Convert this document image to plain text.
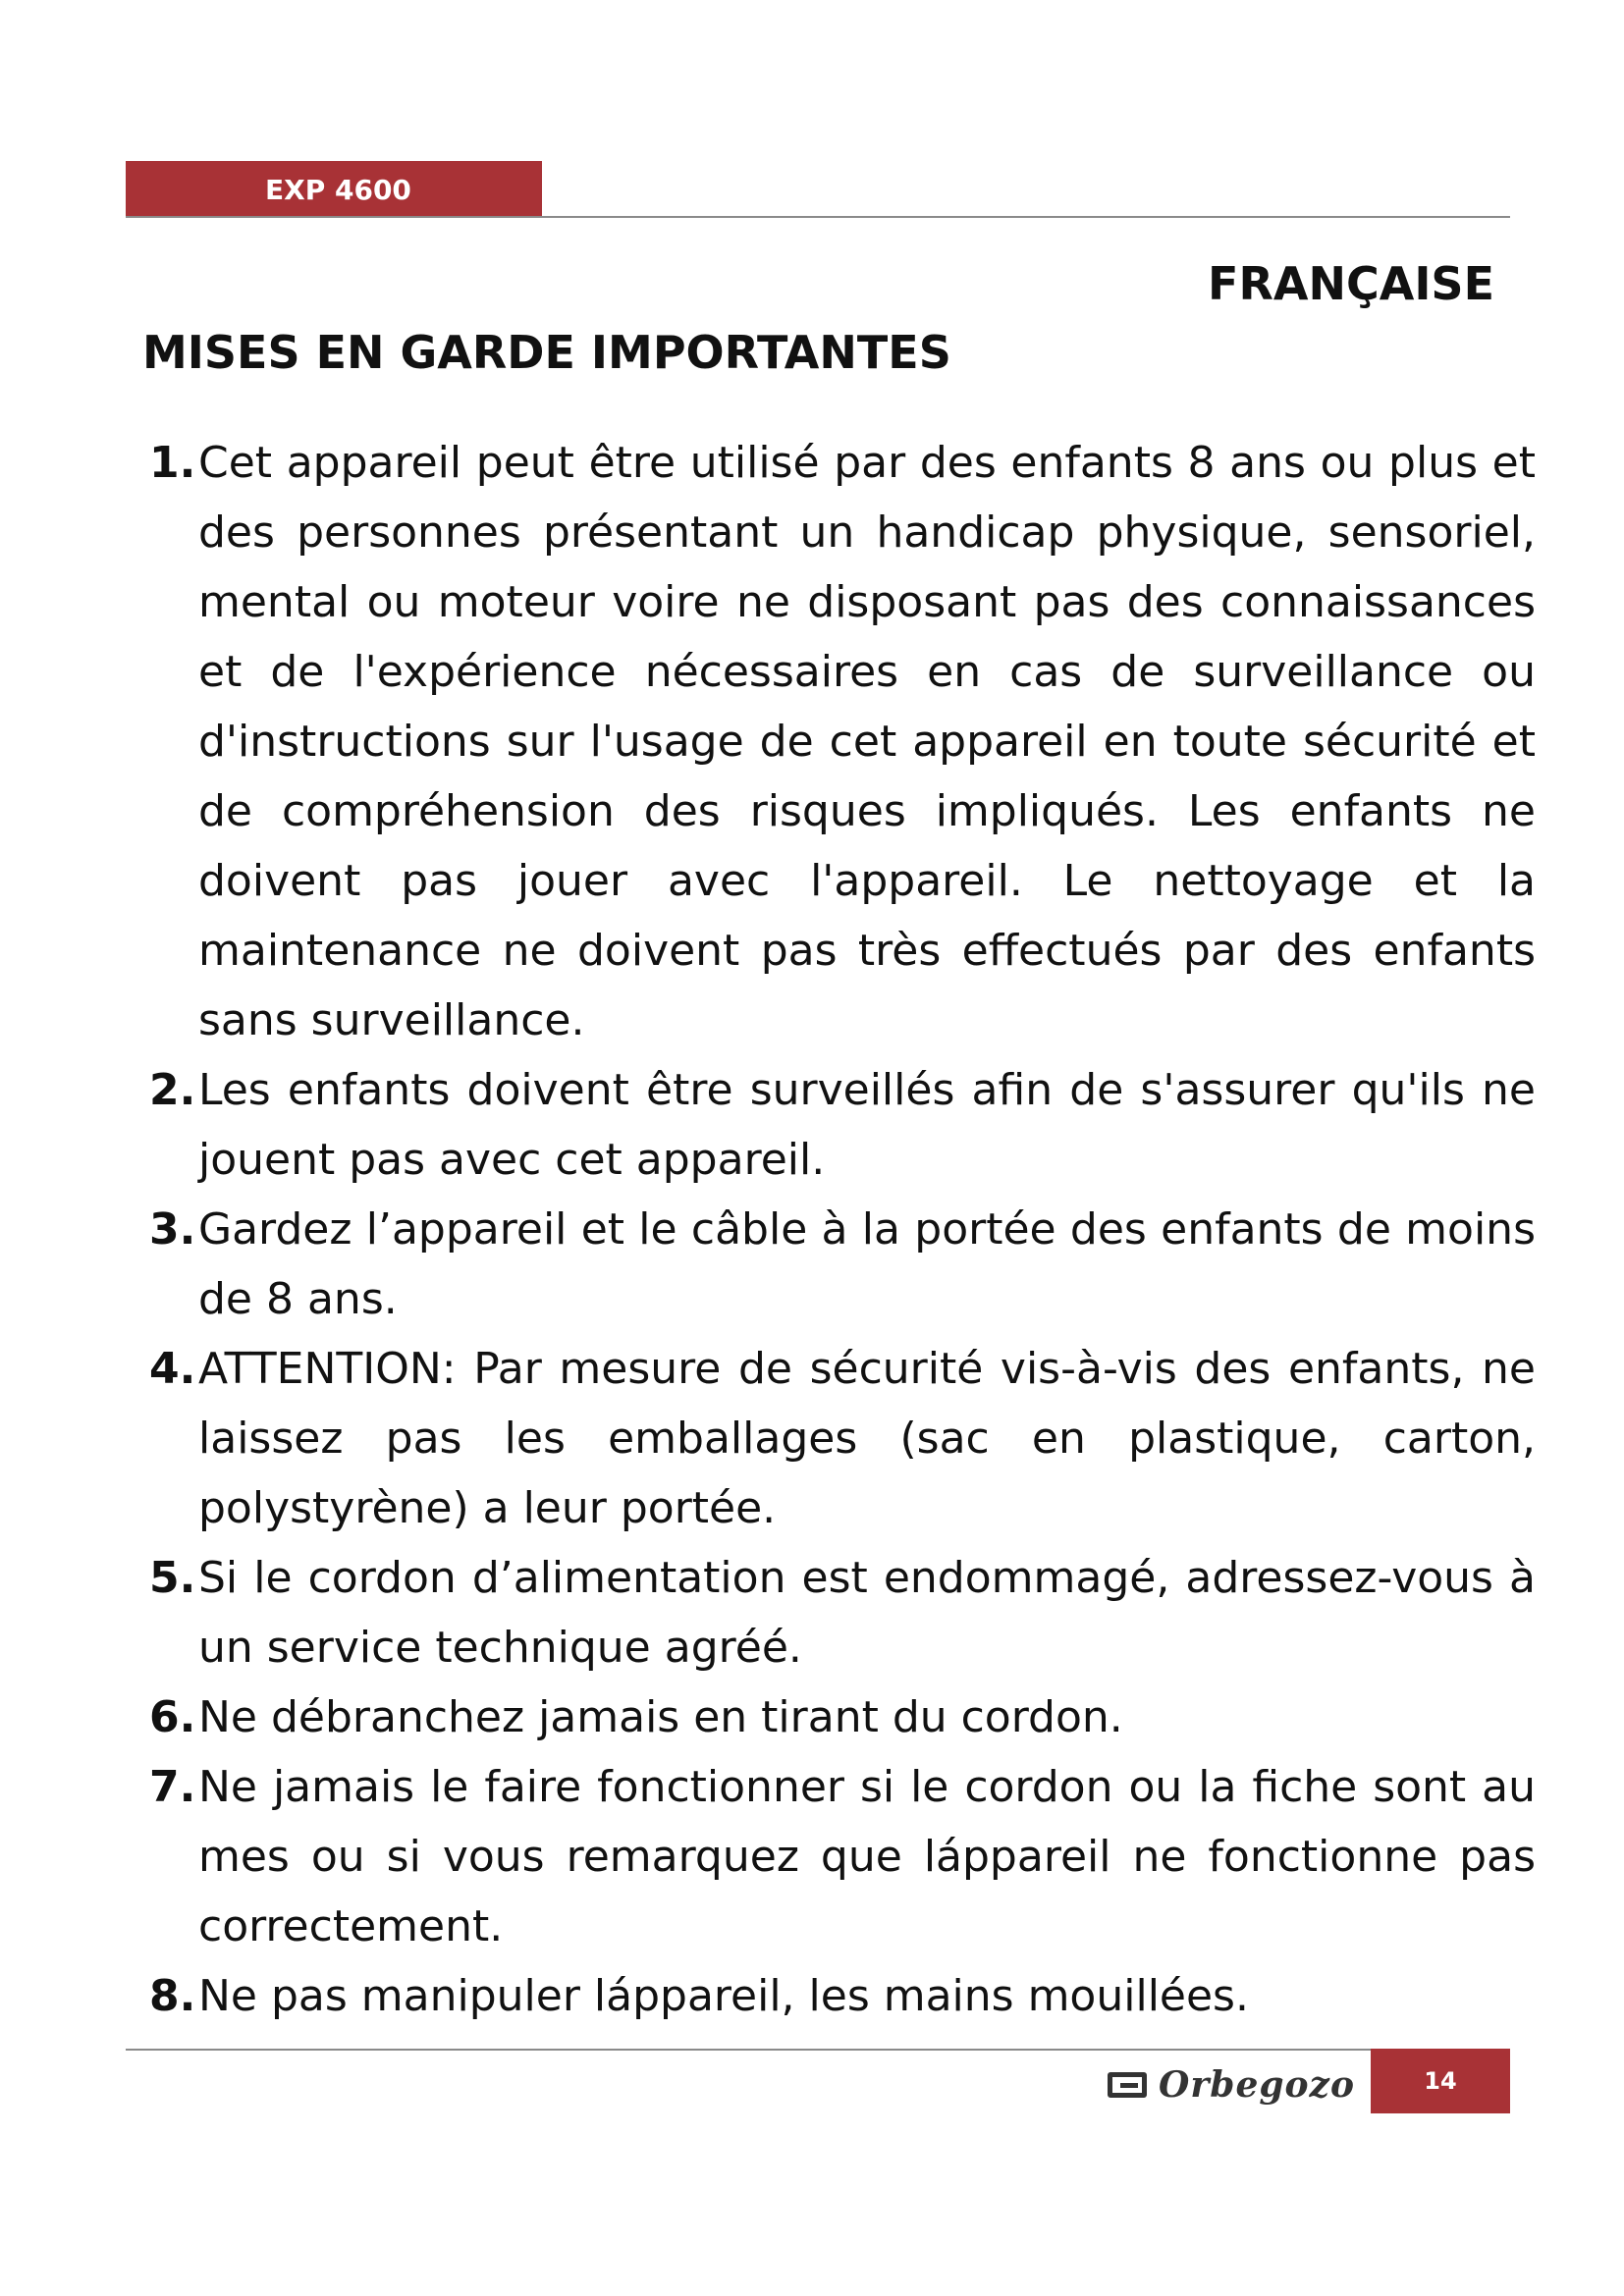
EXP 4600
FRANÇAISE
MISES EN GARDE IMPORTANTES
1. Cet appareil peut être utilisé par des enfants 8 ans ou plus et des personnes présentant un handicap physique, sensoriel, mental ou moteur voire ne disposant pas des connaissances et de l'expérience nécessaires en cas de surveillance ou d'instructions sur l'usage de cet appareil en toute sécurité et de compréhension des risques impliqués. Les enfants ne doivent pas jouer avec l'appareil. Le nettoyage et la maintenance ne doivent pas très effectués par des enfants sans surveillance.
2. Les enfants doivent être surveillés afin de s'assurer qu'ils ne jouent pas avec cet appareil.
3. Gardez l’appareil et le câble à la portée des enfants de moins de 8 ans.
4. ATTENTION: Par mesure de sécurité vis-à-vis des enfants, ne laissez pas les emballages (sac en plastique, carton, polystyrène) a leur portée.
5. Si le cordon d’alimentation est endommagé, adressez-vous à un service technique agréé.
6. Ne débranchez jamais en tirant du cordon.
7. Ne jamais le faire fonctionner si le cordon ou la fiche sont au mes ou si vous remarquez que láppareil ne fonctionne pas correctement.
8. Ne pas manipuler láppareil, les mains mouillées.
Orbegozo	14
